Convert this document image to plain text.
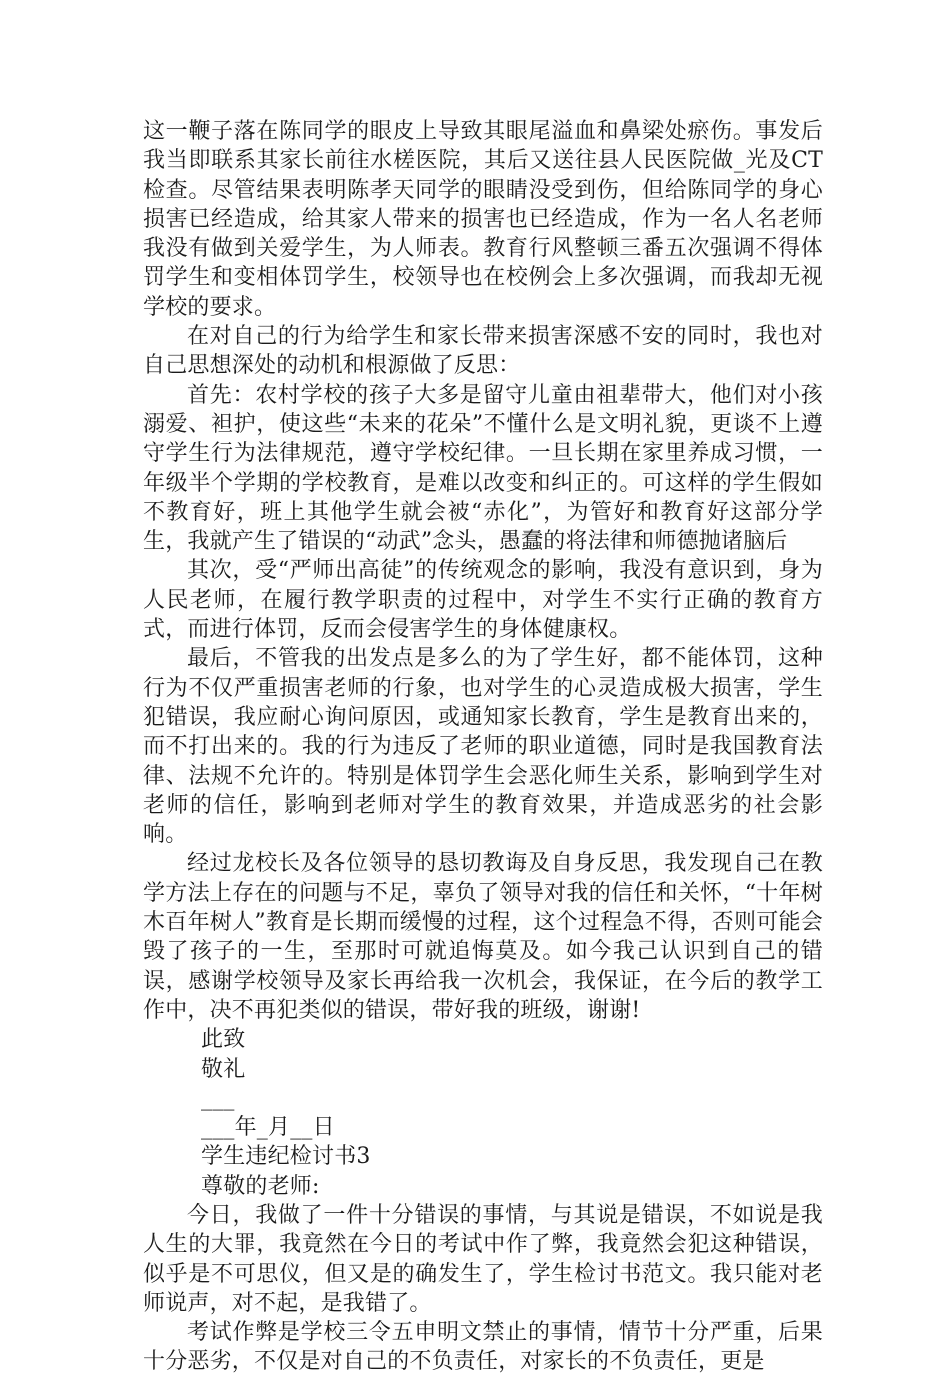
这一鞭子落在陈同学的眼皮上导致其眼尾溢血和鼻梁处瘀伤。事发后我当即联系其家长前往水槎医院，其后又送往县人民医院做_光及CT检查。尽管结果表明陈孝天同学的眼睛没受到伤，但给陈同学的身心损害已经造成，给其家人带来的损害也已经造成，作为一名人名老师我没有做到关爱学生，为人师表。教育行风整顿三番五次强调不得体罚学生和变相体罚学生，校领导也在校例会上多次强调，而我却无视学校的要求。

在对自己的行为给学生和家长带来损害深感不安的同时，我也对自己思想深处的动机和根源做了反思：

首先：农村学校的孩子大多是留守儿童由祖辈带大，他们对小孩溺爱、袒护，使这些“未来的花朵”不懂什么是文明礼貌，更谈不上遵守学生行为法律规范，遵守学校纪律。一旦长期在家里养成习惯，一年级半个学期的学校教育，是难以改变和纠正的。可这样的学生假如不教育好，班上其他学生就会被“赤化”，为管好和教育好这部分学生，我就产生了错误的“动武”念头，愚蠢的将法律和师德抛诸脑后

其次，受“严师出高徒”的传统观念的影响，我没有意识到，身为人民老师，在履行教学职责的过程中，对学生不实行正确的教育方式，而进行体罚，反而会侵害学生的身体健康权。

最后，不管我的出发点是多么的为了学生好，都不能体罚，这种行为不仅严重损害老师的行象，也对学生的心灵造成极大损害，学生犯错误，我应耐心询问原因，或通知家长教育，学生是教育出来的，而不打出来的。我的行为违反了老师的职业道德，同时是我国教育法律、法规不允许的。特别是体罚学生会恶化师生关系，影响到学生对老师的信任，影响到老师对学生的教育效果，并造成恶劣的社会影响。

经过龙校长及各位领导的恳切教诲及自身反思，我发现自己在教学方法上存在的问题与不足，辜负了领导对我的信任和关怀，“十年树木百年树人”教育是长期而缓慢的过程，这个过程急不得，否则可能会毁了孩子的一生，至那时可就追悔莫及。如今我己认识到自己的错误，感谢学校领导及家长再给我一次机会，我保证，在今后的教学工作中，决不再犯类似的错误，带好我的班级，谢谢!

此致

敬礼

___

___年_月__日

学生违纪检讨书3

尊敬的老师:

今日，我做了一件十分错误的事情，与其说是错误，不如说是我人生的大罪，我竟然在今日的考试中作了弊，我竟然会犯这种错误，似乎是不可思仪，但又是的确发生了，学生检讨书范文。我只能对老师说声，对不起，是我错了。

考试作弊是学校三令五申明文禁止的事情，情节十分严重，后果十分恶劣，不仅是对自己的不负责任，对家长的不负责任，更是
